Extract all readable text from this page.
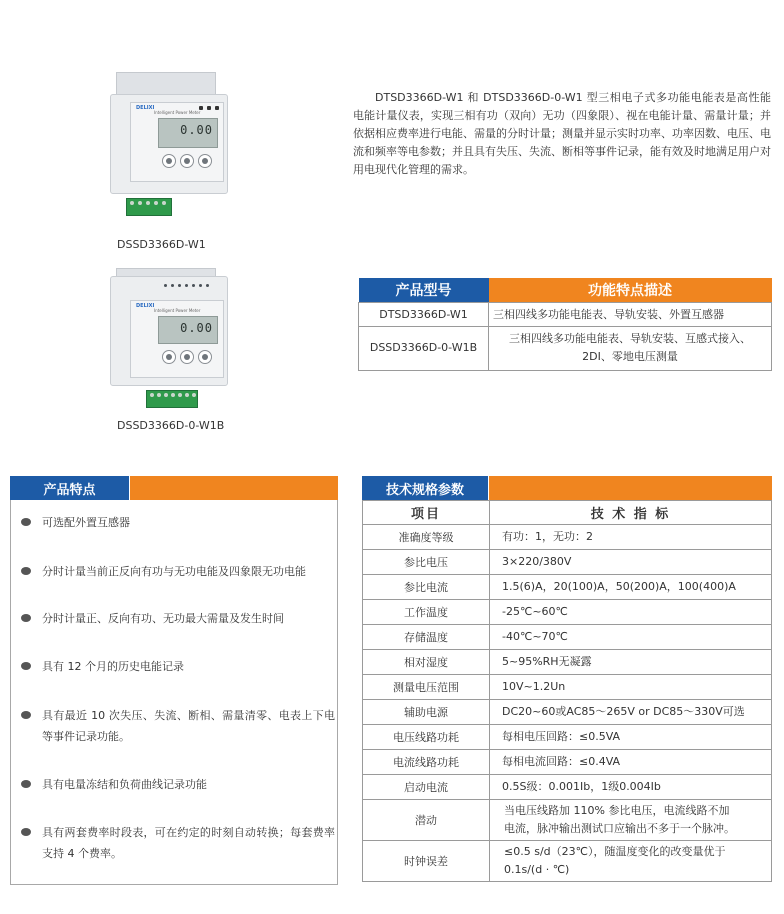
DELIXI
Intelligent Power Meter
0.00
DSSD3366D-W1
DELIXI
Intelligent Power Meter
0.00
DSSD3366D-0-W1B

DTSD3366D-W1 和 DTSD3366D-0-W1 型三相电子式多功能电能表是高性能电能计量仪表，实现三相有功（双向）无功（四象限）、视在电能计量、需量计量；并依据相应费率进行电能、需量的分时计量；测量并显示实时功率、功率因数、电压、电流和频率等电参数；并且具有失压、失流、断相等事件记录，能有效及时地满足用户对用电现代化管理的需求。

产品型号	功能特点描述
DTSD3366D-W1	三相四线多功能电能表、导轨安装、外置互感器
DSSD3366D-0-W1B	三相四线多功能电能表、导轨安装、互感式接入、
2DI、零地电压测量
产品特点
可选配外置互感器
分时计量当前正反向有功与无功电能及四象限无功电能
分时计量正、反向有功、无功最大需量及发生时间
具有 12 个月的历史电能记录
具有最近 10 次失压、失流、断相、需量清零、电表上下电等事件记录功能。
具有电量冻结和负荷曲线记录功能
具有两套费率时段表，可在约定的时刻自动转换；每套费率支持 4 个费率。
技术规格参数
项目	技 术 指 标
准确度等级	有功：1，无功：2
参比电压	3×220/380V
参比电流	1.5(6)A，20(100)A，50(200)A，100(400)A
工作温度	-25℃~60℃
存储温度	-40℃~70℃
相对湿度	5~95%RH无凝露
测量电压范围	10V~1.2Un
辅助电源	DC20~60或AC85～265V or DC85～330V可选
电压线路功耗	每相电压回路：≤0.5VA
电流线路功耗	每相电流回路：≤0.4VA
启动电流	0.5S级：0.001Ib，1级0.004Ib
潜动	当电压线路加 110% 参比电压，电流线路不加
电流，脉冲输出测试口应输出不多于一个脉冲。
时钟误差	≤0.5 s/d（23℃），随温度变化的改变量优于
0.1s/(d · ℃)
